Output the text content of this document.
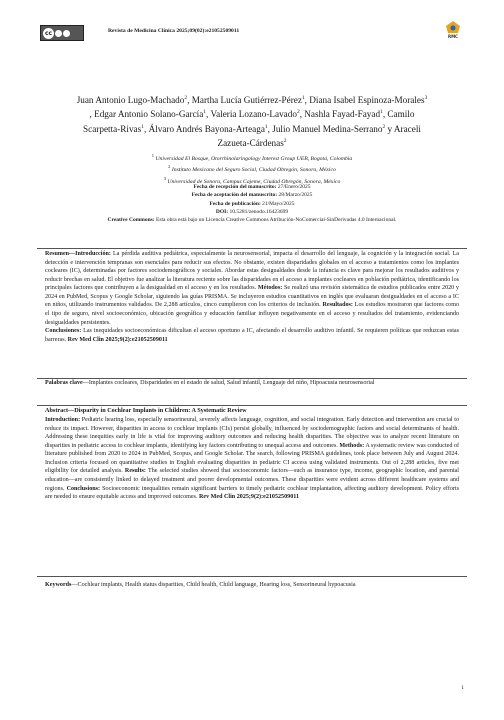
cc	Revista de Medicina Clínica 2025;09(02):e21052509011
RMC
Juan Antonio Lugo-Machado$^2$, Martha Lucía Gutiérrez-Pérez$^1$, Diana Isabel Espinoza-Morales$^3$
, Edgar Antonio Solano-García$^1$, Valeria Lozano-Lavado$^2$, Nashla Fayad-Fayad$^1$, Camilo
Scarpetta-Rivas$^1$, Álvaro Andrés Bayona-Arteaga$^1$, Julio Manuel Medina-Serrano$^2$ y Araceli
Zazueta-Cárdenas$^2$
$^1$ Universidad El Bosque, Otorrhinolaringology Interest Group UEB, Bogotá, Colombia
$^2$ Instituto Mexicano del Seguro Social, Ciudad Obregón, Sonora, México
$^3$ Universidad de Sonora, Campus Cajeme, Ciudad Obregón, Sonora, México
Fecha de recepción del manuscrito: 27/Enero/2025
Fecha de aceptación del manuscrito: 28/Marzo/2025
Fecha de publicación: 21/Mayo/2025
DOI: 10.5281/zenodo.16423699
Creative Commons: Esta obra está bajo un Licencia Creative Commons Atribución-NoComercial-SinDerivadas 4.0 Internacional.
Resumen—Introducción: La pérdida auditiva pediátrica, especialmente la neurosensorial, impacta el desarrollo del lenguaje, la cognición y la integración social. La detección e intervención tempranas son esenciales para reducir sus efectos. No obstante, existen disparidades globales en el acceso a tratamientos como los implantes cocleares (IC), determinadas por factores sociodemográficos y sociales. Abordar estas desigualdades desde la infancia es clave para mejorar los resultados auditivos y reducir brechas en salud. El objetivo fue analizar la literatura reciente sobre las disparidades en el acceso a implantes cocleares en población pediátrica, identificando los principales factores que contribuyen a la desigualdad en el acceso y en los resultados. Métodos: Se realizó una revisión sistemática de estudios publicados entre 2020 y 2024 en PubMed, Scopus y Google Scholar, siguiendo las guías PRISMA. Se incluyeron estudios cuantitativos en inglés que evaluaran desigualdades en el acceso a IC en niños, utilizando instrumentos validados. De 2,288 artículos, cinco cumplieron con los criterios de inclusión. Resultados: Los estudios mostraron que factores como el tipo de seguro, nivel socioeconómico, ubicación geográfica y educación familiar influyen negativamente en el acceso y resultados del tratamiento, evidenciando desigualdades persistentes.
Conclusiones: Las inequidades socioeconómicas dificultan el acceso oportuno a IC, afectando el desarrollo auditivo infantil. Se requieren políticas que reduzcan estas barreras. Rev Med Clin 2025;9(2):e21052509011
Palabras clave—Implantes cocleares, Disparidades en el estado de salud, Salud infantil, Lenguaje del niño, Hipoacusia neurosensorial
Abstract—Disparity in Cochlear Implants in Children: A Systematic Review
Introduction: Pediatric hearing loss, especially sensorineural, severely affects language, cognition, and social integration. Early detection and intervention are crucial to reduce its impact. However, disparities in access to cochlear implants (CIs) persist globally, influenced by sociodemographic factors and social determinants of health. Addressing these inequities early in life is vital for improving auditory outcomes and reducing health disparities. The objective was to analyze recent literature on disparities in pediatric access to cochlear implants, identifying key factors contributing to unequal access and outcomes. Methods: A systematic review was conducted of literature published from 2020 to 2024 in PubMed, Scopus, and Google Scholar. The search, following PRISMA guidelines, took place between July and August 2024. Inclusion criteria focused on quantitative studies in English evaluating disparities in pediatric CI access using validated instruments. Out of 2,288 articles, five met eligibility for detailed analysis. Results: The selected studies showed that socioeconomic factors—such as insurance type, income, geographic location, and parental education—are consistently linked to delayed treatment and poorer developmental outcomes. These disparities were evident across different healthcare systems and regions. Conclusions: Socioeconomic inequalities remain significant barriers to timely pediatric cochlear implantation, affecting auditory development. Policy efforts are needed to ensure equitable access and improved outcomes. Rev Med Clin 2025;9(2):e21052509011
Keywords—Cochlear implants, Health status disparities, Child health, Child language, Hearing loss, Sensorineural hypoacusia
1
